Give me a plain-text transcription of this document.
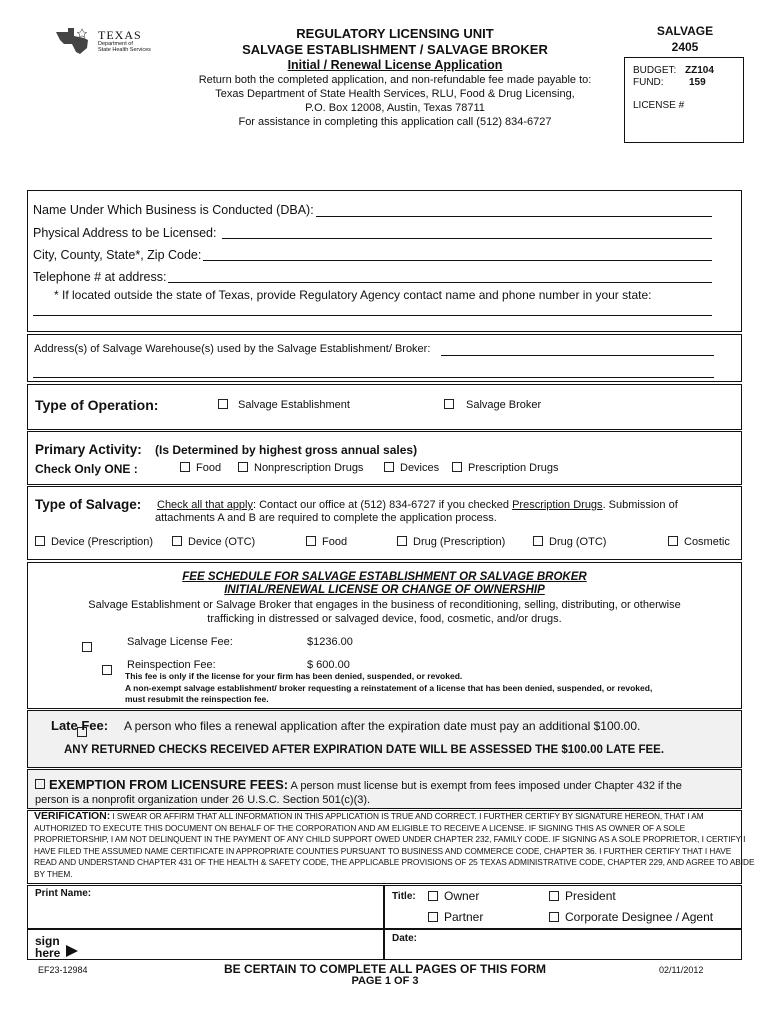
TEXAS
Department of
State Health Services
REGULATORY LICENSING UNIT
SALVAGE ESTABLISHMENT / SALVAGE BROKER
Initial / Renewal License Application
Return both the completed application, and non-refundable fee made payable to:
Texas Department of State Health Services, RLU, Food & Drug Licensing,
P.O. Box 12008, Austin, Texas 78711
For assistance in completing this application call (512) 834-6727
SALVAGE
2405
BUDGET: ZZ104
FUND:	159
LICENSE #
Name Under Which Business is Conducted (DBA):
Physical Address to be Licensed:
City, County, State*, Zip Code:
Telephone # at address:
* If located outside the state of Texas, provide Regulatory Agency contact name and phone number in your state:
Address(s) of Salvage Warehouse(s) used by the Salvage Establishment/ Broker:
Type of Operation:	Salvage Establishment	Salvage Broker
Primary Activity: (Is Determined by highest gross annual sales)
Check Only ONE :	Food	Nonprescription Drugs	Devices	Prescription Drugs
Type of Salvage: Check all that apply: Contact our office at (512) 834-6727 if you checked Prescription Drugs. Submission of
attachments A and B are required to complete the application process.
Device (Prescription)	Device (OTC)	Food	Drug (Prescription)	Drug (OTC)	Cosmetic
FEE SCHEDULE FOR SALVAGE ESTABLISHMENT OR SALVAGE BROKER
INITIAL/RENEWAL LICENSE OR CHANGE OF OWNERSHIP
Salvage Establishment or Salvage Broker that engages in the business of reconditioning, selling, distributing, or otherwise
trafficking in distressed or salvaged device, food, cosmetic, and/or drugs.

Salvage License Fee:	$1236.00

Reinspection Fee:	$ 600.00
This fee is only if the license for your firm has been denied, suspended, or revoked.
A non-exempt salvage establishment/ broker requesting a reinstatement of a license that has been denied, suspended, or revoked,
must resubmit the reinspection fee.
Late Fee: A person who files a renewal application after the expiration date must pay an additional $100.00.
ANY RETURNED CHECKS RECEIVED AFTER EXPIRATION DATE WILL BE ASSESSED THE $100.00 LATE FEE.
EXEMPTION FROM LICENSURE FEES: A person must license but is exempt from fees imposed under Chapter 432 if the
person is a nonprofit organization under 26 U.S.C. Section 501(c)(3).
VERIFICATION: I SWEAR OR AFFIRM THAT ALL INFORMATION IN THIS APPLICATION IS TRUE AND CORRECT. I FURTHER CERTIFY BY SIGNATURE HEREON, THAT I AM
AUTHORIZED TO EXECUTE THIS DOCUMENT ON BEHALF OF THE CORPORATION AND AM ELIGIBLE TO RECEIVE A LICENSE. IF SIGNING THIS AS OWNER OF A SOLE
PROPRIETORSHIP, I AM NOT DELINQUENT IN THE PAYMENT OF ANY CHILD SUPPORT OWED UNDER CHAPTER 232, FAMILY CODE. IF SIGNING AS A SOLE PROPRIETOR, I CERTIFY I
HAVE FILED THE ASSUMED NAME CERTIFICATE IN APPROPRIATE COUNTIES PURSUANT TO BUSINESS AND COMMERCE CODE, CHAPTER 36. I FURTHER CERTIFY THAT I HAVE
READ AND UNDERSTAND CHAPTER 431 OF THE HEALTH & SAFETY CODE, THE APPLICABLE PROVISIONS OF 25 TEXAS ADMINISTRATIVE CODE, CHAPTER 229, AND AGREE TO ABIDE
BY THEM.
Print Name:	Title:	Owner	President
Partner	Corporate Designee / Agent
sign
here
Date:
EF23-12984	BE CERTAIN TO COMPLETE ALL PAGES OF THIS FORM
PAGE 1 OF 3
02/11/2012
